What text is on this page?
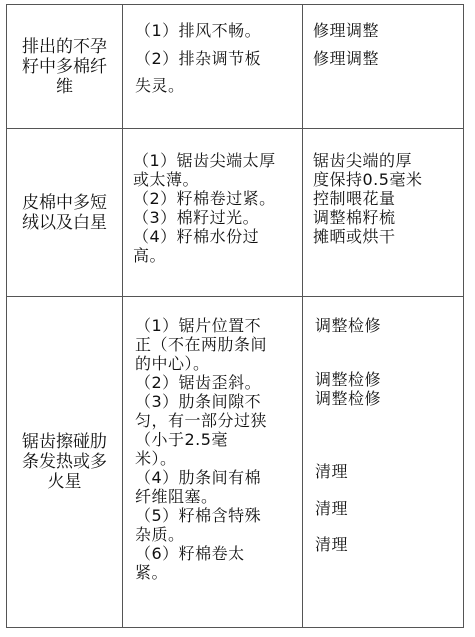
排出的不孕籽中多棉纤维
（1）排风不畅。
（2）排杂调节板
失灵。
修理调整
修理调整
皮棉中多短绒以及白星
（1）锯齿尖端太厚
或太薄。
（2）籽棉卷过紧。
（3）棉籽过光。
（4）籽棉水份过
高。
锯齿尖端的厚
度保持0.5毫米
控制喂花量
调整棉籽梳
摊晒或烘干
锯齿擦碰肋条发热或多火星
（1）锯片位置不
正（不在两肋条间
的中心）。
（2）锯齿歪斜。
（3）肋条间隙不
匀，有一部分过狭
（小于2.5毫
米）。
（4）肋条间有棉
纤维阻塞。
（5）籽棉含特殊
杂质。
（6）籽棉卷太
紧。
调整检修
调整检修
调整检修
清理
清理
清理
